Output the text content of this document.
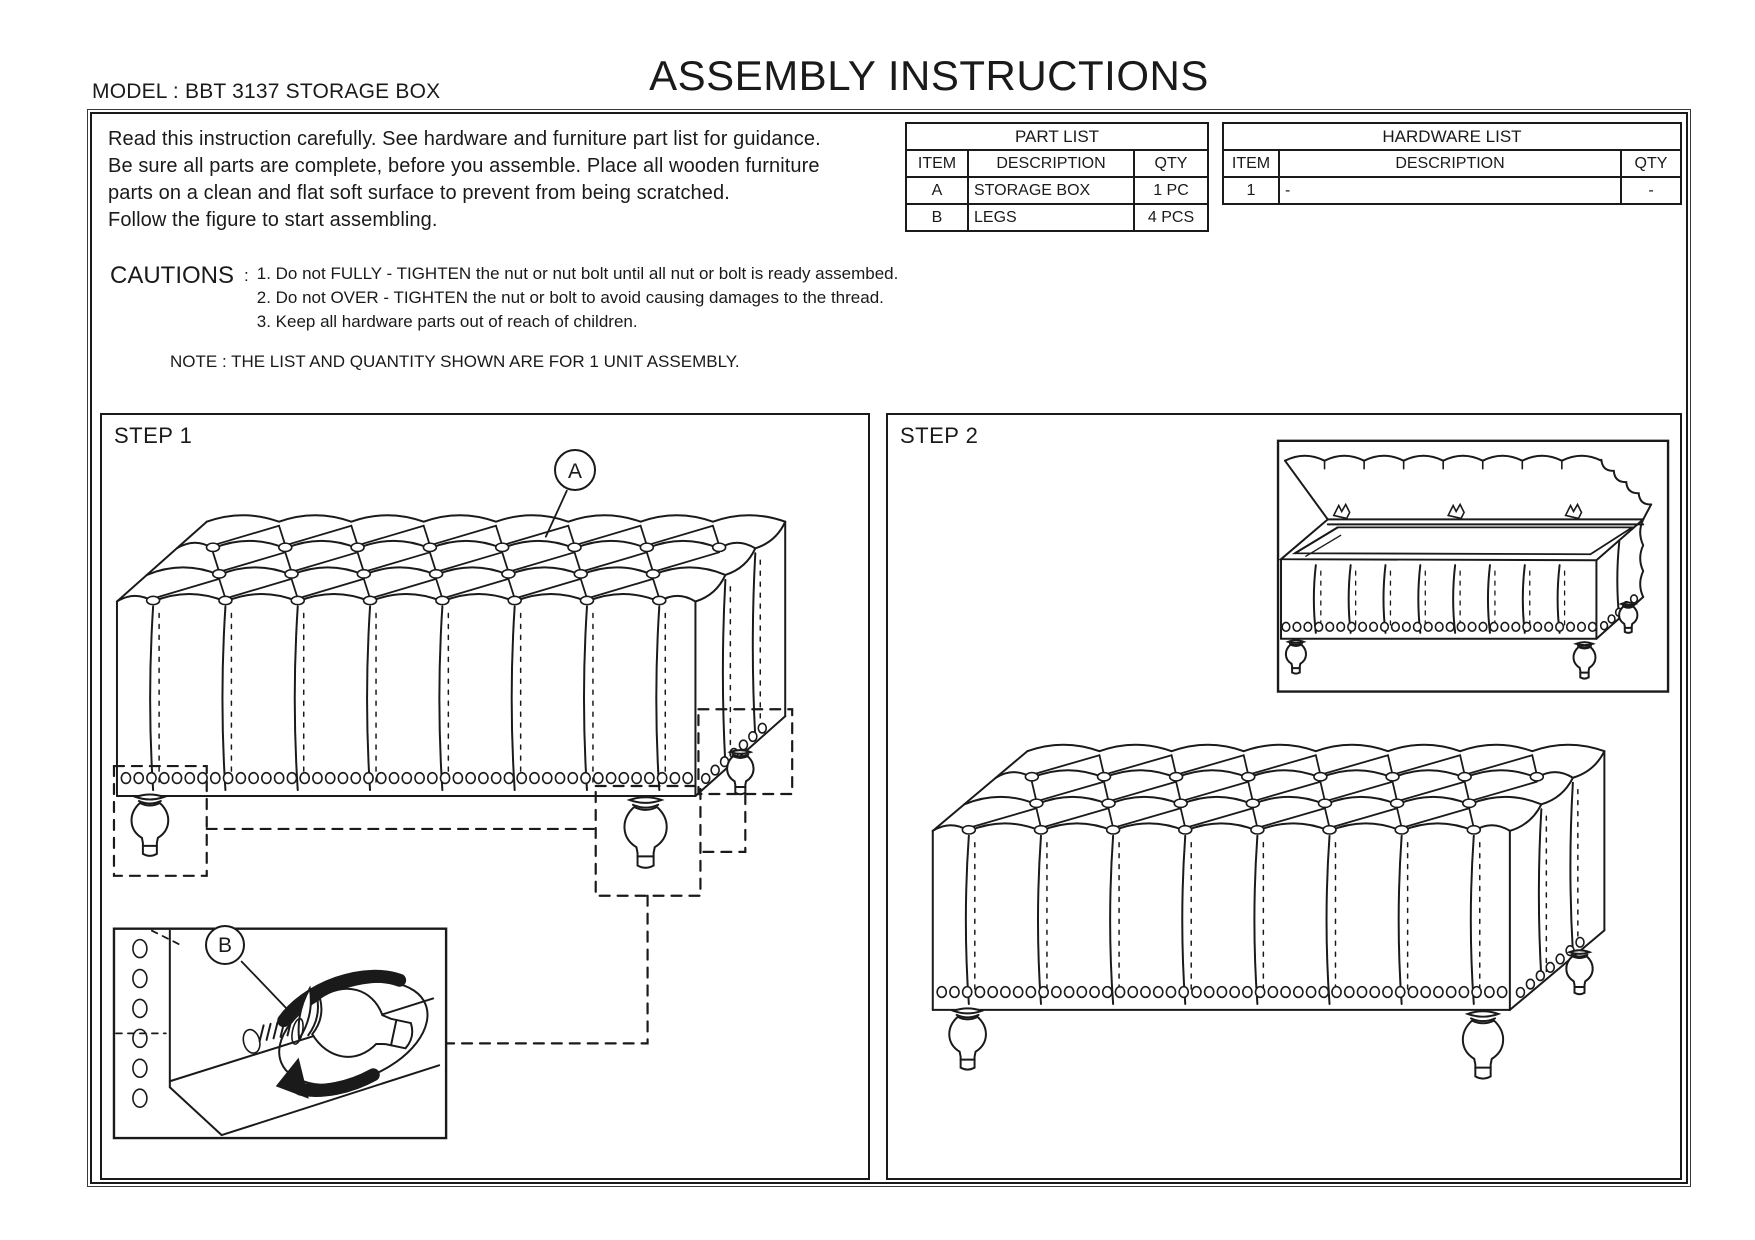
MODEL : BBT 3137 STORAGE BOX	ASSEMBLY INSTRUCTIONS
Read this instruction carefully. See hardware and furniture part list for guidance.
Be sure all parts are complete, before you assemble. Place all wooden furniture
parts on a clean and flat soft surface to prevent from being scratched.
Follow the figure to start assembling.
PART LIST		
ITEM	DESCRIPTION	QTY
A	STORAGE BOX	1 PC
B	LEGS	4 PCS
HARDWARE LIST		
ITEM	DESCRIPTION	QTY
1	-	-
CAUTIONS : 1. Do not FULLY - TIGHTEN the nut or nut bolt until all nut or bolt is ready assembed.
2. Do not OVER - TIGHTEN the nut or bolt to avoid causing damages to the thread.
3. Keep all hardware parts out of reach of children.
NOTE : THE LIST AND QUANTITY SHOWN ARE FOR 1 UNIT ASSEMBLY.
STEP 1
A
B
STEP 2
